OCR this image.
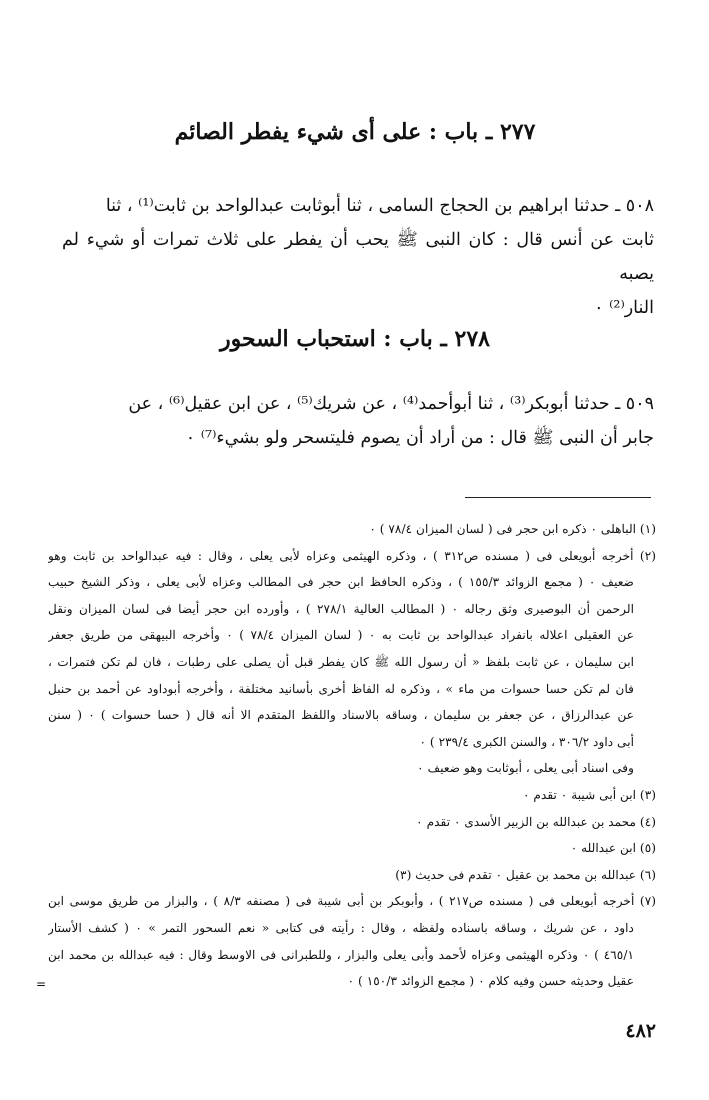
٢٧٧ ـ باب : على أى شيء يفطر الصائم

٥٠٨ ـ حدثنا ابراهيم بن الحجاج السامى ، ثنا أبوثابت عبدالواحد بن ثابت⁽¹⁾ ، ثنا

ثابت عن أنس قال : كان النبى ﷺ يحب أن يفطر على ثلاث تمرات أو شيء لم يصبه

النار⁽²⁾ ٠

٢٧٨ ـ باب : استحباب السحور

٥٠٩ ـ حدثنا أبوبكر⁽³⁾ ، ثنا أبوأحمد⁽⁴⁾ ، عن شريك⁽⁵⁾ ، عن ابن عقيل⁽⁶⁾ ، عن

جابر أن النبى ﷺ قال : من أراد أن يصوم فليتسحر ولو بشيء⁽⁷⁾ ٠

(١) الباهلى ٠ ذكره ابن حجر فى ( لسان الميزان ٧٨/٤ ) ٠
(٢) أخرجه أبويعلى فى ( مسنده ص٣١٢ ) ، وذكره الهيثمى وعزاه لأبى يعلى ، وقال : فيه عبدالواحد بن ثابت وهو
ضعيف ٠ ( مجمع الزوائد ١٥٥/٣ ) ، وذكره الحافظ ابن حجر فى المطالب وعزاه لأبى يعلى ، وذكر الشيخ حبيب
الرحمن أن البوصيرى وثق رجاله ٠ ( المطالب العالية ٢٧٨/١ ) ، وأورده ابن حجر أيضا فى لسان الميزان ونقل
عن العقيلى اعلاله بانفراد عبدالواحد بن ثابت به ٠ ( لسان الميزان ٧٨/٤ ) ٠ وأخرجه البيهقى من طريق جعفر
ابن سليمان ، عن ثابت بلفظ « أن رسول الله ﷺ كان يفطر قبل أن يصلى على رطبات ، فان لم تكن فتمرات ،
فان لم تكن حسا حسوات من ماء » ، وذكره له الفاظ أخرى بأسانيد مختلفة ، وأخرجه أبوداود عن أحمد بن حنبل
عن عبدالرزاق ، عن جعفر بن سليمان ، وساقه بالاسناد واللفظ المتقدم الا أنه قال ( حسا حسوات ) ٠ ( سنن
أبى داود ٣٠٦/٢ ، والسنن الكبرى ٢٣٩/٤ ) ٠
وفى اسناد أبى يعلى ، أبوثابت وهو ضعيف ٠
(٣) ابن أبى شيبة ٠ تقدم ٠
(٤) محمد بن عبدالله بن الزبير الأسدى ٠ تقدم ٠
(٥) ابن عبدالله ٠
(٦) عبدالله بن محمد بن عقيل ٠ تقدم فى حديث (٣)
(٧) أخرجه أبويعلى فى ( مسنده ص٢١٧ ) ، وأبوبكر بن أبى شيبة فى ( مصنفه ٨/٣ ) ، والبزار من طريق موسى ابن
داود ، عن شريك ، وساقه باسناده ولفظه ، وقال : رأيته فى كتابى « نعم السحور التمر » ٠ ( كشف الأستار
٤٦٥/١ ) ٠ وذكره الهيثمى وعزاه لأحمد وأبى يعلى والبزار ، وللطبرانى فى الاوسط وقال : فيه عبدالله بن محمد ابن
عقيل وحديثه حسن وفيه كلام ٠ ( مجمع الزوائد ١٥٠/٣ ) ٠
=
٤٨٢
